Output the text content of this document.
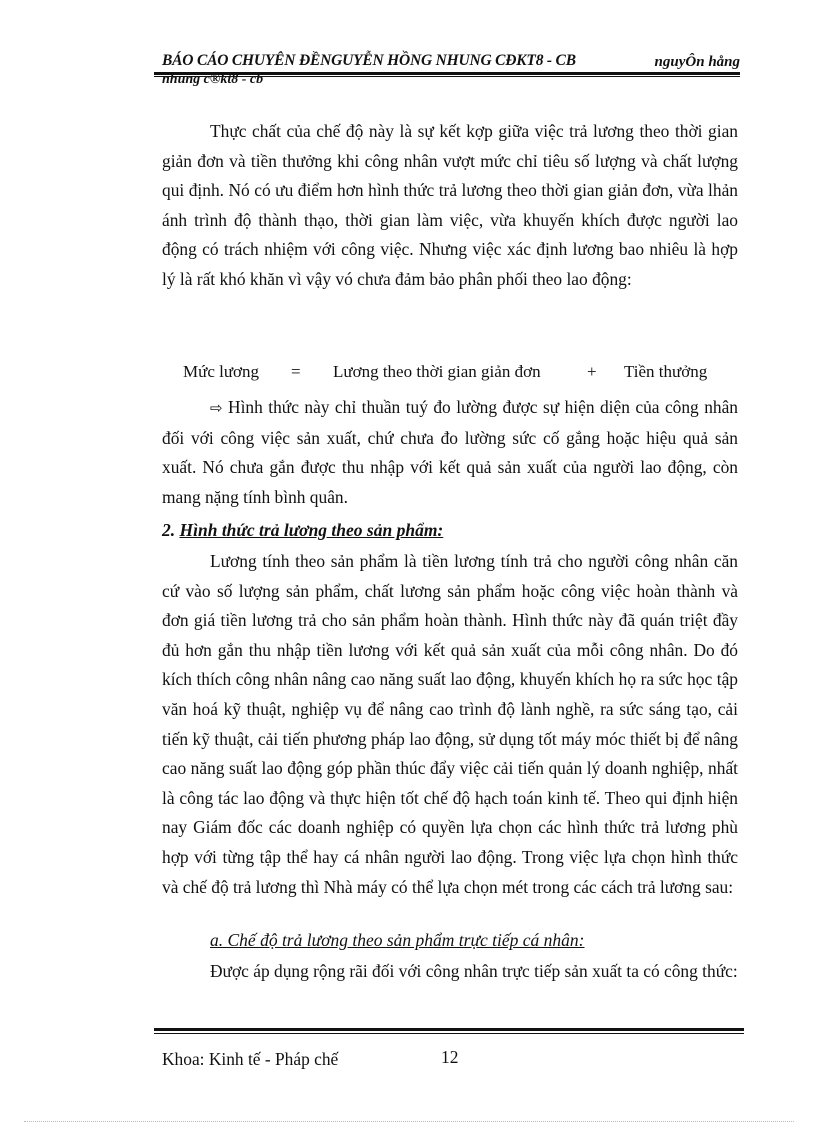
BÁO CÁO CHUYÊN ĐỀNGUYỄN HỒNG NHUNG CĐKT8 - CB	nguyÔn hång
nhung c®kt8 - cb
Thực chất của chế độ này là sự kết kợp giữa việc trả lương theo thời gian giản đơn và tiền thưởng khi công nhân vượt mức chỉ tiêu số lượng và chất lượng qui định. Nó có ưu điểm hơn hình thức trả lương theo thời gian giản đơn, vừa lhản ánh trình độ thành thạo, thời gian làm việc, vừa khuyến khích được người lao động có trách nhiệm với công việc. Nhưng việc xác định lương bao nhiêu là hợp lý là rất khó khăn vì vậy vó chưa đảm bảo phân phối theo lao động:
Mức lương = Lương theo thời gian giản đơn	+ Tiền thưởng
⇨ Hình thức này chỉ thuần tuý đo lường được sự hiện diện của công nhân đối với công việc sản xuất, chứ chưa đo lường sức cố gắng hoặc hiệu quả sản xuất. Nó chưa gắn được thu nhập với kết quả sản xuất của người lao động, còn mang nặng tính bình quân.
2. Hình thức trả lương theo sản phẩm:
Lương tính theo sản phẩm là tiền lương tính trả cho người công nhân căn cứ vào số lượng sản phẩm, chất lương sản phẩm hoặc công việc hoàn thành và đơn giá tiền lương trả cho sản phẩm hoàn thành. Hình thức này đã quán triệt đầy đủ hơn gắn thu nhập tiền lương với kết quả sản xuất của mỗi công nhân. Do đó kích thích công nhân nâng cao năng suất lao động, khuyến khích họ ra sức học tập văn hoá kỹ thuật, nghiệp vụ để nâng cao trình độ lành nghề, ra sức sáng tạo, cải tiến kỹ thuật, cải tiến phương pháp lao động, sử dụng tốt máy móc thiết bị để nâng cao năng suất lao động góp phần thúc đẩy việc cải tiến quản lý doanh nghiệp, nhất là công tác lao động và thực hiện tốt chế độ hạch toán kinh tế. Theo qui định hiện nay Giám đốc các doanh nghiệp có quyền lựa chọn các hình thức trả lương phù hợp với từng tập thể hay cá nhân người lao động. Trong việc lựa chọn hình thức và chế độ trả lương thì Nhà máy có thể lựa chọn mét trong các cách trả lương sau:
a. Chế độ trả lương theo sản phẩm trực tiếp cá nhân:
Được áp dụng rộng rãi đối với công nhân trực tiếp sản xuất ta có công thức:
Khoa: Kinh tế - Pháp chế	12
